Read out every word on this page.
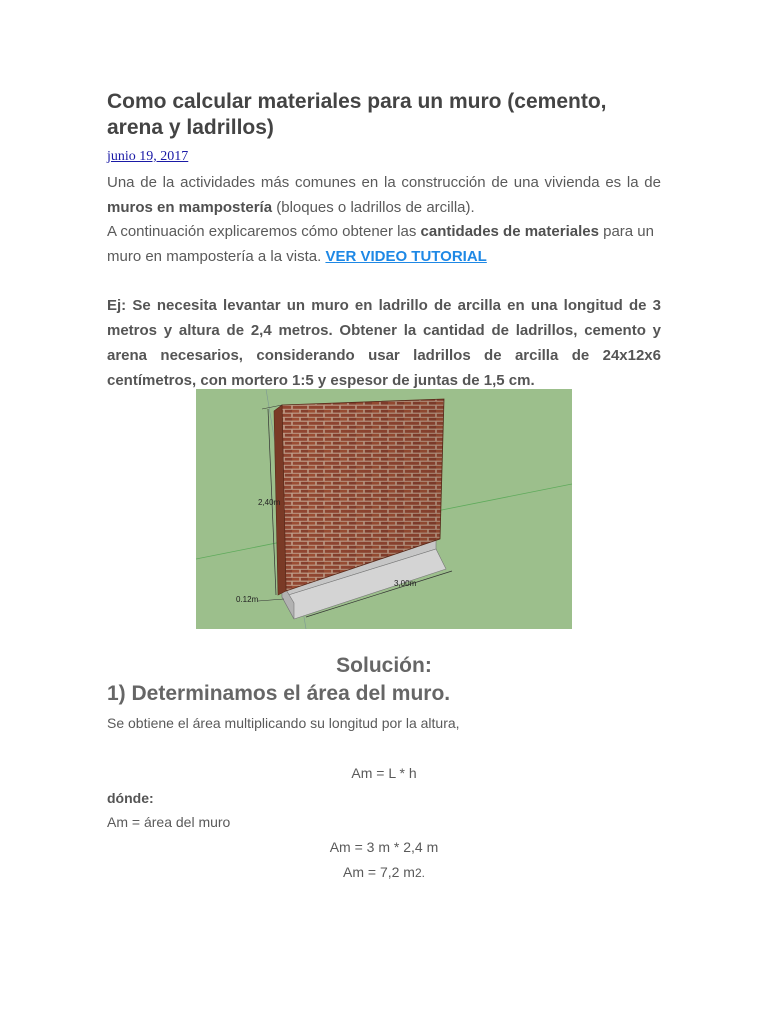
Como calcular materiales para un muro (cemento, arena y ladrillos)
junio 19, 2017

Una de la actividades más comunes en la construcción de una vivienda es la de muros en mampostería (bloques o ladrillos de arcilla).

A continuación explicaremos cómo obtener las cantidades de materiales para un muro en mampostería a la vista. VER VIDEO TUTORIAL

Ej: Se necesita levantar un muro en ladrillo de arcilla en una longitud de 3 metros y altura de 2,4 metros. Obtener la cantidad de ladrillos, cemento y arena necesarios, considerando usar ladrillos de arcilla de 24x12x6 centímetros, con mortero 1:5 y espesor de juntas de 1,5 cm.

2,40m
3,00m
0.12m
Solución:
1) Determinamos el área del muro.
Se obtiene el área multiplicando su longitud por la altura,
Am = L * h
dónde:
Am = área del muro
Am = 3 m * 2,4 m
Am = 7,2 m2.
